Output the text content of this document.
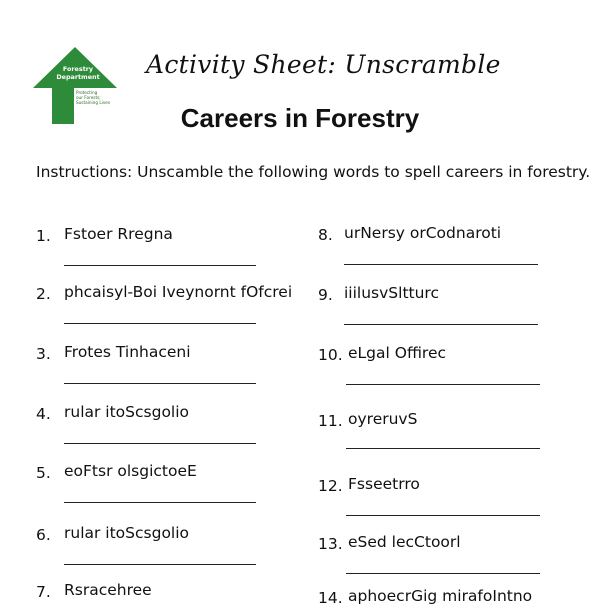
Forestry
Department
Protecting
our Forests;
Sustaining Lives
Activity Sheet: Unscramble
Careers in Forestry
Instructions: Unscamble the following words to spell careers in forestry.
1. Fstoer Rregna
2. phcaisyl-Boi Iveynornt fOfcrei
3. Frotes Tinhaceni
4. rular itoScsgolio
5. eoFtsr olsgictoeE
6. rular itoScsgolio
7. Rsracehree
8. urNersy orCodnaroti
9. iiilusvSltturc
10. eLgal Offirec
11. oyreruvS
12. Fsseetrro
13. eSed lecCtoorl
14. aphoecrGig mirafoIntno
